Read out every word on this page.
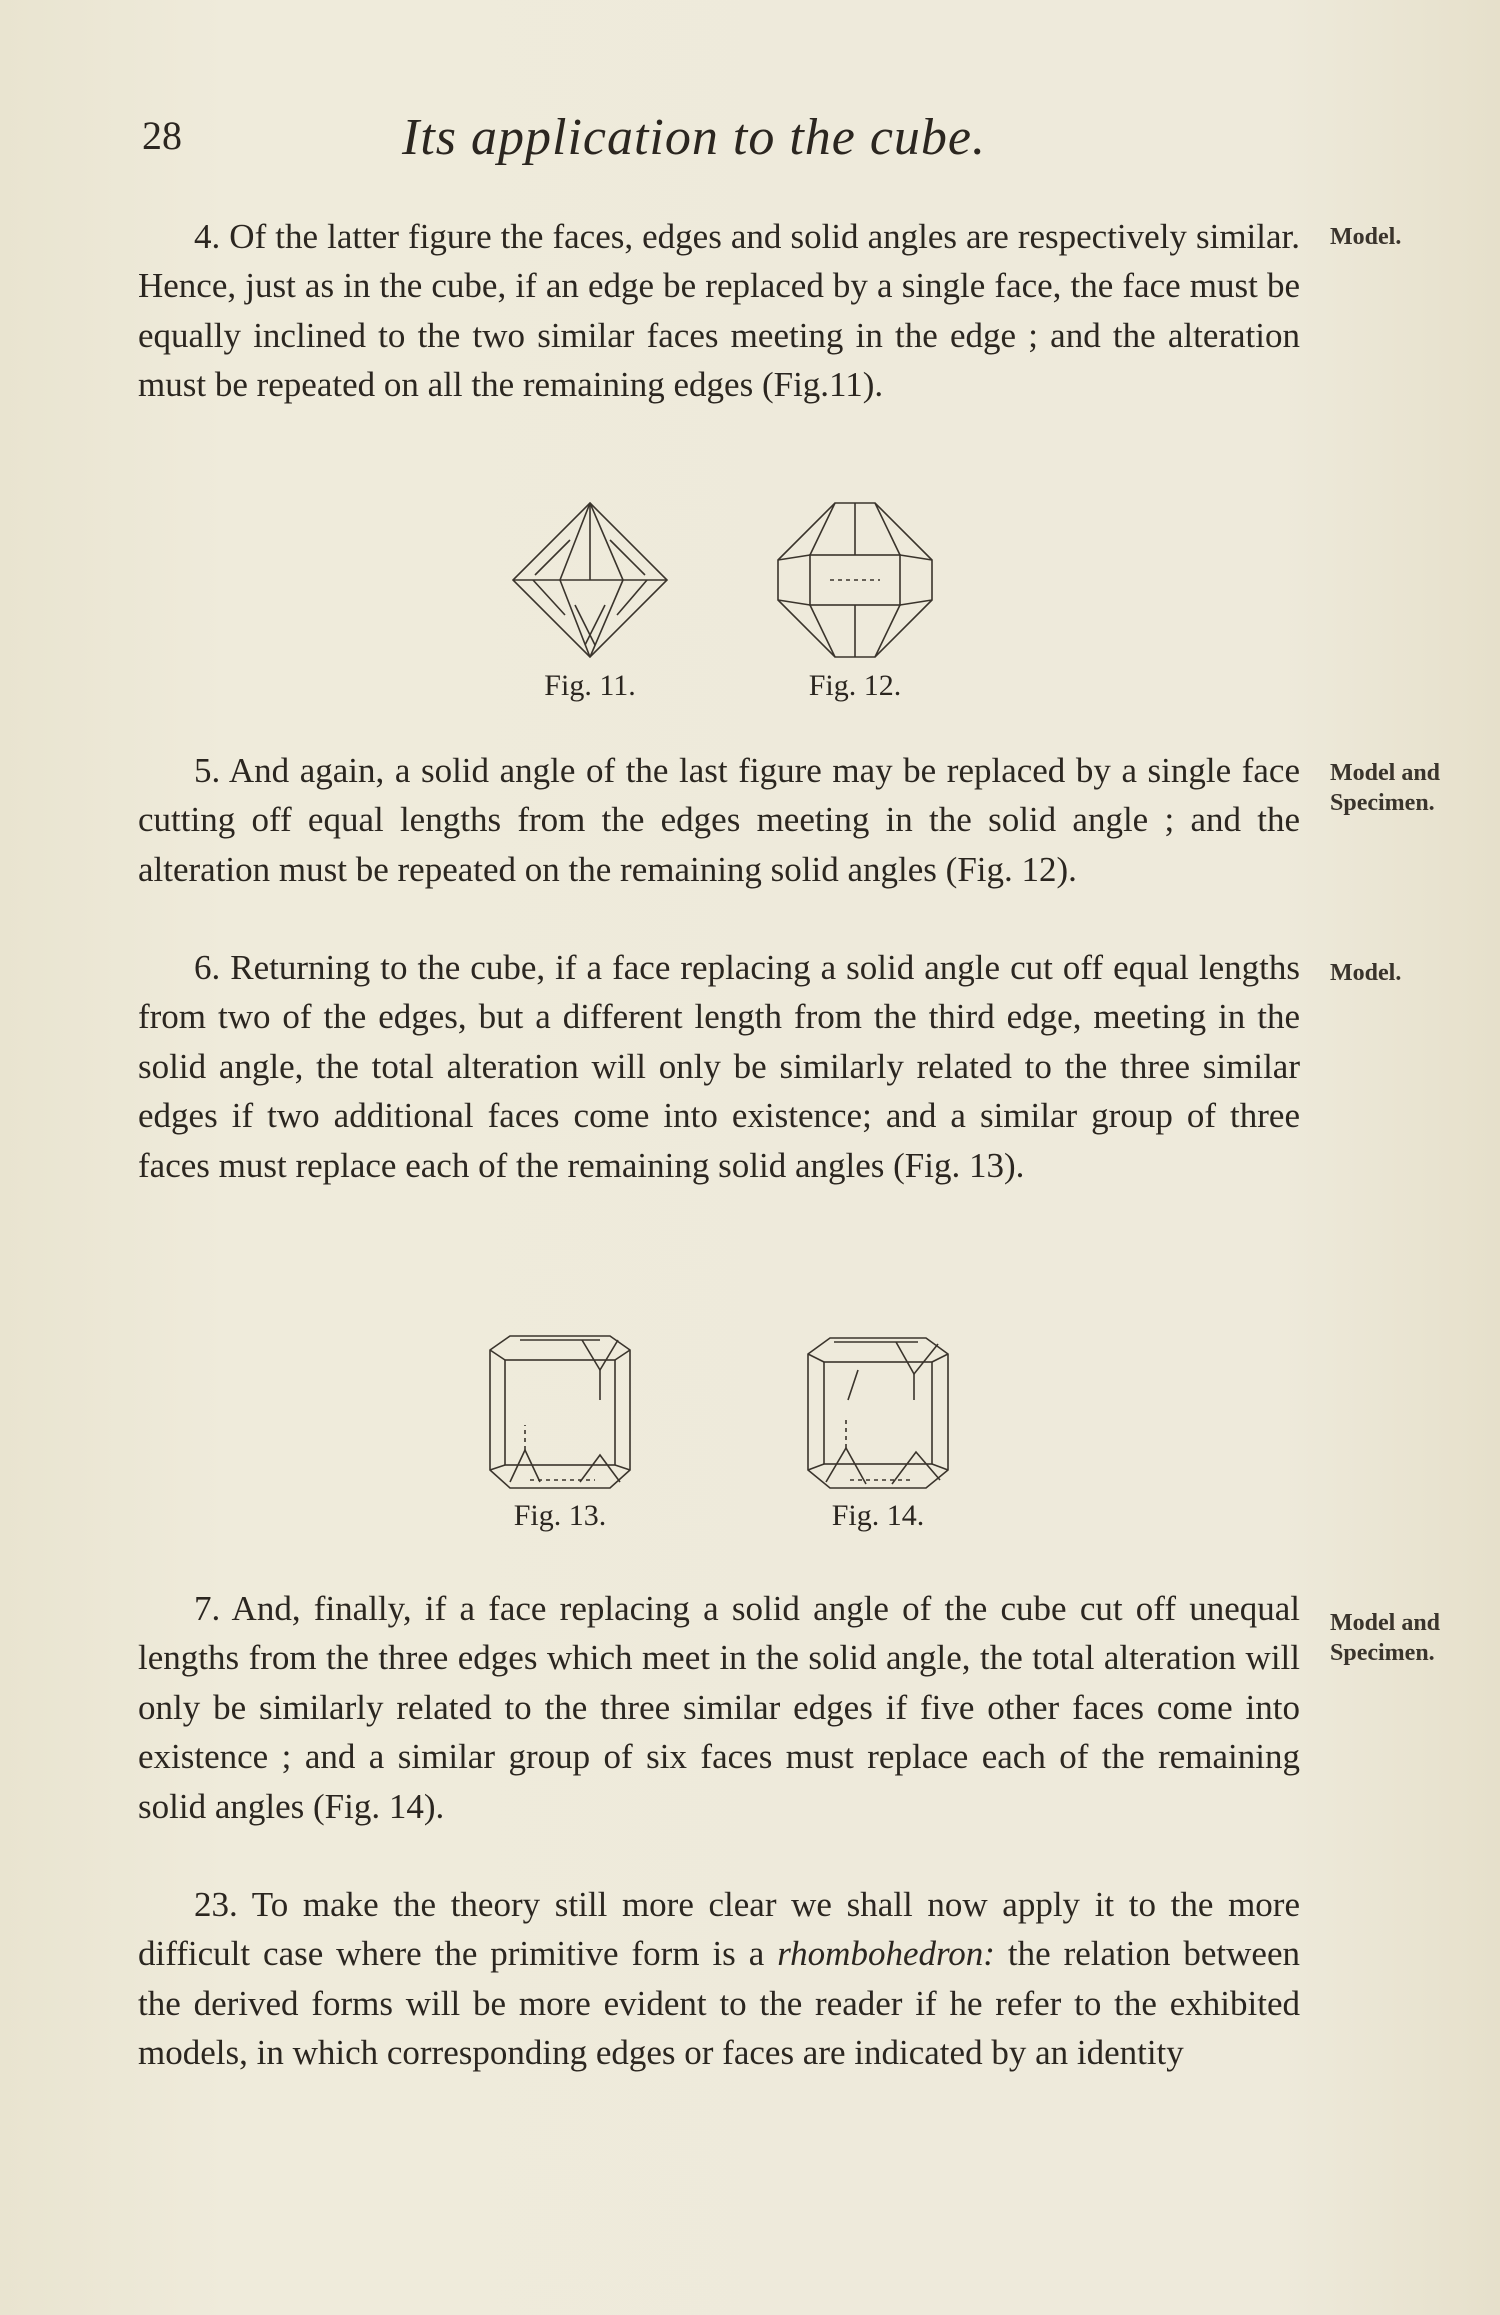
28	Its application to the cube.
4. Of the latter figure the faces, edges and solid angles are respectively similar. Hence, just as in the cube, if an edge be replaced by a single face, the face must be equally inclined to the two similar faces meeting in the edge ; and the alteration must be repeated on all the remaining edges (Fig.11).
Model.
Fig. 11.	Fig. 12.
5. And again, a solid angle of the last figure may be replaced by a single face cutting off equal lengths from the edges meeting in the solid angle ; and the alteration must be repeated on the remaining solid angles (Fig. 12).
Model and
Specimen.
6. Returning to the cube, if a face replacing a solid angle cut off equal lengths from two of the edges, but a different length from the third edge, meeting in the solid angle, the total alteration will only be similarly related to the three similar edges if two additional faces come into existence; and a similar group of three faces must replace each of the remaining solid angles (Fig. 13).
Model.
Fig. 13.	Fig. 14.
7. And, finally, if a face replacing a solid angle of the cube cut off unequal lengths from the three edges which meet in the solid angle, the total alteration will only be similarly related to the three similar edges if five other faces come into existence ; and a similar group of six faces must replace each of the remaining solid angles (Fig. 14).
Model and
Specimen.
23. To make the theory still more clear we shall now apply it to the more difficult case where the primitive form is a rhombohedron: the relation between the derived forms will be more evident to the reader if he refer to the exhibited models, in which corresponding edges or faces are indicated by an identity
